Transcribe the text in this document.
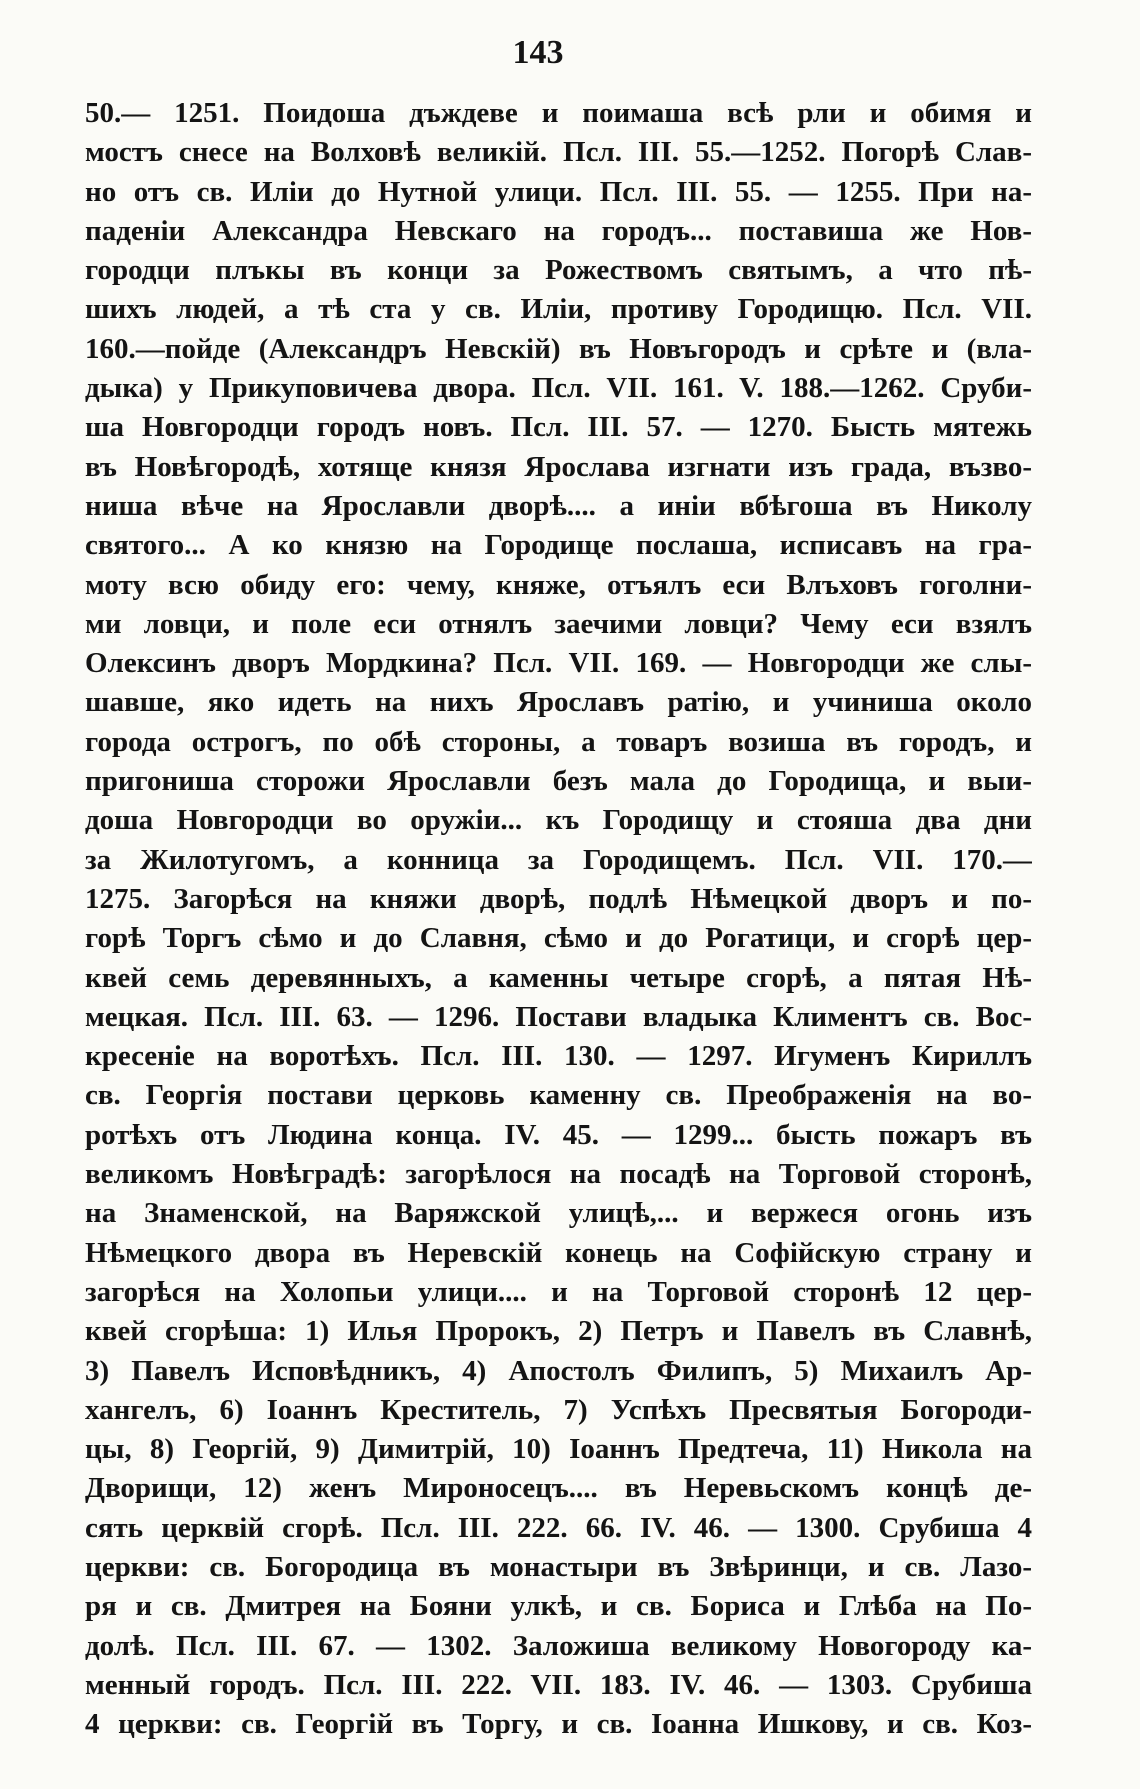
143
50.— 1251. Поидоша дъждеве и поимаша всѣ рли и обимя и
мостъ снесе на Волховѣ великій. Псл. III. 55.—1252. Погорѣ Слав-
но отъ св. Иліи до Нутной улици. Псл. III. 55. — 1255. При на-
паденіи Александра Невскаго на городъ... поставиша же Нов-
городци плъкы въ конци за Рожествомъ святымъ, а что пѣ-
шихъ людей, а тѣ ста у св. Иліи, противу Городищю. Псл. VII.
160.—пойде (Александръ Невскій) въ Новъгородъ и срѣте и (вла-
дыка) у Прикуповичева двора. Псл. VII. 161. V. 188.—1262. Сруби-
ша Новгородци городъ новъ. Псл. III. 57. — 1270. Бысть мятежь
въ Новѣгородѣ, хотяще князя Ярослава изгнати изъ града, възво-
ниша вѣче на Ярославли дворѣ.... а иніи вбѣгоша въ Николу
святого... А ко князю на Городище послаша, исписавъ на гра-
моту всю обиду его: чему, княже, отъялъ еси Влъховъ гоголни-
ми ловци, и поле еси отнялъ заечими ловци? Чему еси взялъ
Олексинъ дворъ Мордкина? Псл. VII. 169. — Новгородци же слы-
шавше, яко идеть на нихъ Ярославъ ратію, и учиниша около
города острогъ, по обѣ стороны, а товаръ возиша въ городъ, и
пригониша сторожи Ярославли безъ мала до Городища, и выи-
доша Новгородци во оружіи... къ Городищу и стояша два дни
за Жилотугомъ, а конница за Городищемъ. Псл. VII. 170.—
1275. Загорѣся на княжи дворѣ, подлѣ Нѣмецкой дворъ и по-
горѣ Торгъ сѣмо и до Славня, сѣмо и до Рогатици, и сгорѣ цер-
квей семь деревянныхъ, а каменны четыре сгорѣ, а пятая Нѣ-
мецкая. Псл. III. 63. — 1296. Постави владыка Климентъ св. Вос-
кресеніе на воротѣхъ. Псл. III. 130. — 1297. Игуменъ Кириллъ
св. Георгія постави церковь каменну св. Преображенія на во-
ротѣхъ отъ Людина конца. IV. 45. — 1299... бысть пожаръ въ
великомъ Новѣградѣ: загорѣлося на посадѣ на Торговой сторонѣ,
на Знаменской, на Варяжской улицѣ,... и вержеся огонь изъ
Нѣмецкого двора въ Неревскій конець на Софійскую страну и
загорѣся на Холопьи улици.... и на Торговой сторонѣ 12 цер-
квей сгорѣша: 1) Илья Пророкъ, 2) Петръ и Павелъ въ Славнѣ,
3) Павелъ Исповѣдникъ, 4) Апостолъ Филипъ, 5) Михаилъ Ар-
хангелъ, 6) Іоаннъ Креститель, 7) Успѣхъ Пресвятыя Богороди-
цы, 8) Георгій, 9) Димитрій, 10) Іоаннъ Предтеча, 11) Никола на
Дворищи, 12) женъ Мироносецъ.... въ Неревьскомъ концѣ де-
сять церквій сгорѣ. Псл. III. 222. 66. IV. 46. — 1300. Срубиша 4
церкви: св. Богородица въ монастыри въ Звѣринци, и св. Лазо-
ря и св. Дмитрея на Бояни улкѣ, и св. Бориса и Глѣба на По-
долѣ. Псл. III. 67. — 1302. Заложиша великому Новогороду ка-
менный городъ. Псл. III. 222. VII. 183. IV. 46. — 1303. Срубиша
4 церкви: св. Георгій въ Торгу, и св. Іоанна Ишкову, и св. Коз-
